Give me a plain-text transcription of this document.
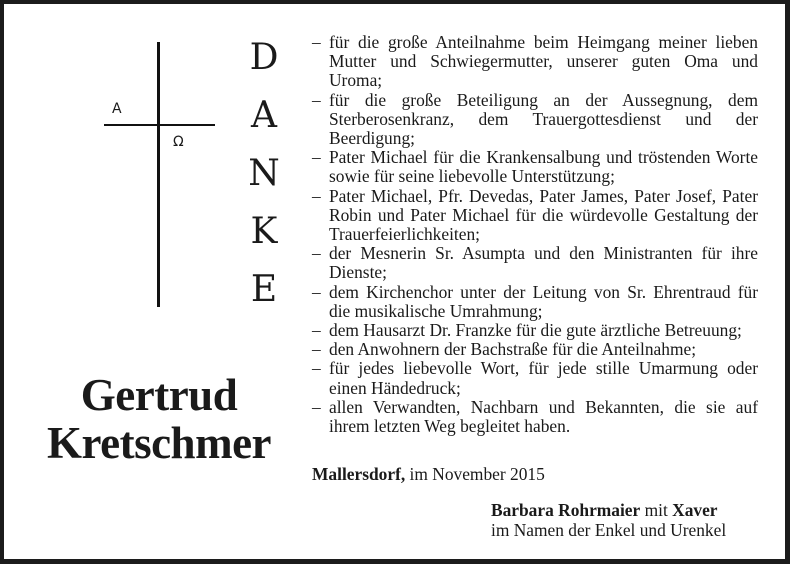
Α
Ω
D
A
N
K
E
Gertrud
Kretschmer
– für die große Anteilnahme beim Heimgang meiner lieben Mutter und Schwiegermutter, unserer guten Oma und Uroma;
– für die große Beteiligung an der Aussegnung, dem Sterberosenkranz, dem Trauergottesdienst und der Beerdigung;
– Pater Michael für die Krankensalbung und tröstenden Worte sowie für seine liebevolle Unterstützung;
– Pater Michael, Pfr. Devedas, Pater James, Pater Josef, Pater Robin und Pater Michael für die würdevolle Gestaltung der Trauerfeierlichkeiten;
– der Mesnerin Sr. Asumpta und den Ministranten für ihre Dienste;
– dem Kirchenchor unter der Leitung von Sr. Ehrentraud für die musikalische Umrahmung;
– dem Hausarzt Dr. Franzke für die gute ärztliche Betreuung;
– den Anwohnern der Bachstraße für die Anteilnahme;
– für jedes liebevolle Wort, für jede stille Umarmung oder einen Händedruck;
– allen Verwandten, Nachbarn und Bekannten, die sie auf ihrem letzten Weg begleitet haben.
Mallersdorf, im November 2015
Barbara Rohrmaier mit Xaver
im Namen der Enkel und Urenkel
